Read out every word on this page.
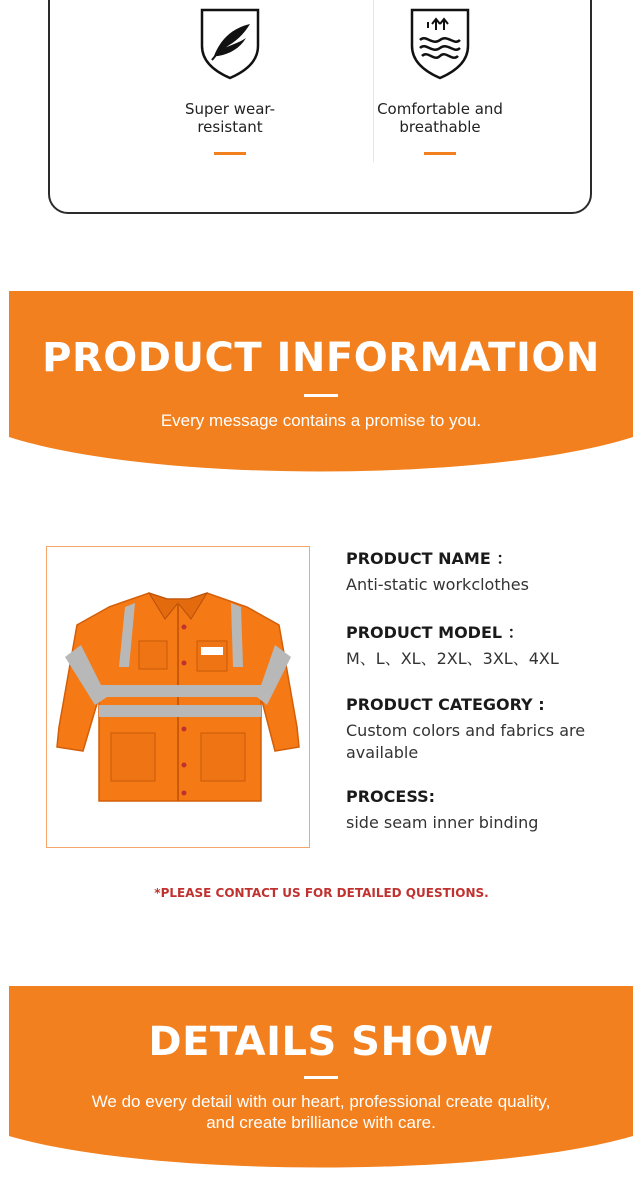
Super wear-resistant
Comfortable and breathable
PRODUCT INFORMATION
Every message contains a promise to you.
PRODUCT NAME ：
Anti-static workclothes
PRODUCT MODEL ：
M、L、XL、2XL、3XL、4XL
PRODUCT CATEGORY :
Custom colors and fabrics are available
PROCESS:
side seam inner binding
*PLEASE CONTACT US FOR DETAILED QUESTIONS.
DETAILS SHOW
We do every detail with our heart, professional create quality,
and create brilliance with care.
